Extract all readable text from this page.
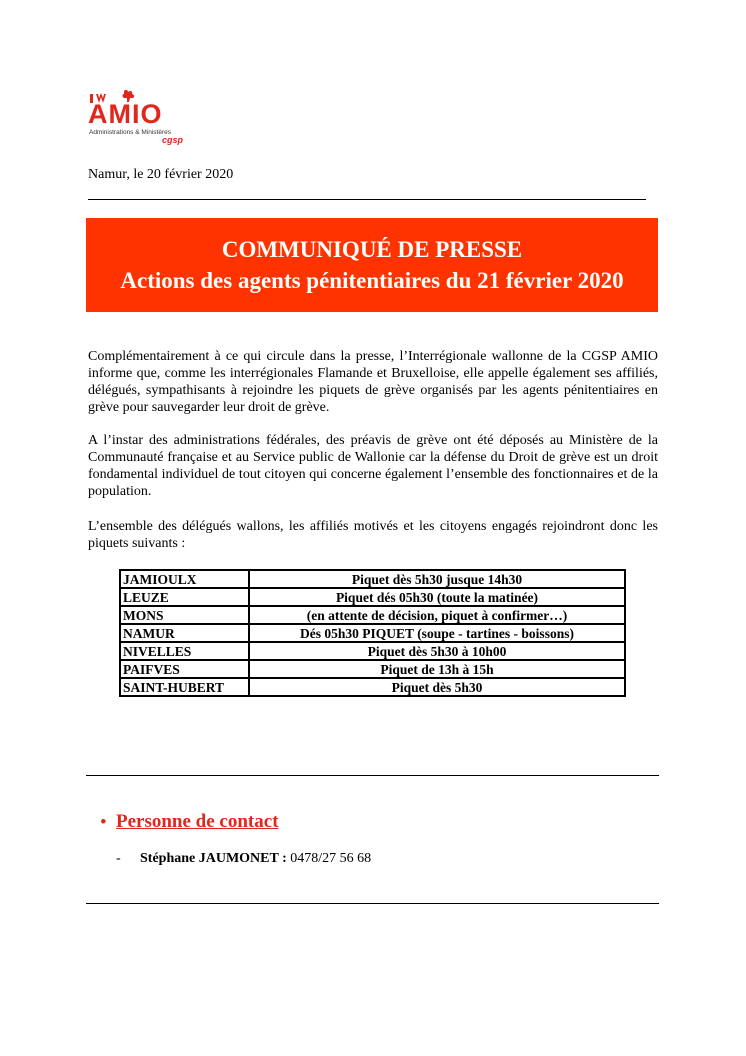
AMIO
Administrations & Ministères
cgsp
Namur, le 20 février 2020
COMMUNIQUÉ DE PRESSE
Actions des agents pénitentiaires du 21 février 2020

Complémentairement à ce qui circule dans la presse, l’Interrégionale wallonne de la CGSP AMIO informe que, comme les interrégionales Flamande et Bruxelloise, elle appelle également ses affiliés, délégués, sympathisants à rejoindre les piquets de grève organisés par les agents pénitentiaires en grève pour sauvegarder leur droit de grève.

A l’instar des administrations fédérales, des préavis de grève ont été déposés au Ministère de la Communauté française et au Service public de Wallonie car la défense du Droit de grève est un droit fondamental individuel de tout citoyen qui concerne également l’ensemble des fonctionnaires et de la population.

L’ensemble des délégués wallons, les affiliés motivés et les citoyens engagés rejoindront donc les piquets suivants :

JAMIOULX	Piquet dès 5h30 jusque 14h30
LEUZE	Piquet dés 05h30 (toute la matinée)
MONS	(en attente de décision, piquet à confirmer…)
NAMUR	Dés 05h30 PIQUET (soupe - tartines - boissons)
NIVELLES	Piquet dès 5h30 à 10h00
PAIFVES	Piquet de 13h à 15h
SAINT-HUBERT	Piquet dès 5h30
• Personne de contact
- Stéphane JAUMONET : 0478/27 56 68
